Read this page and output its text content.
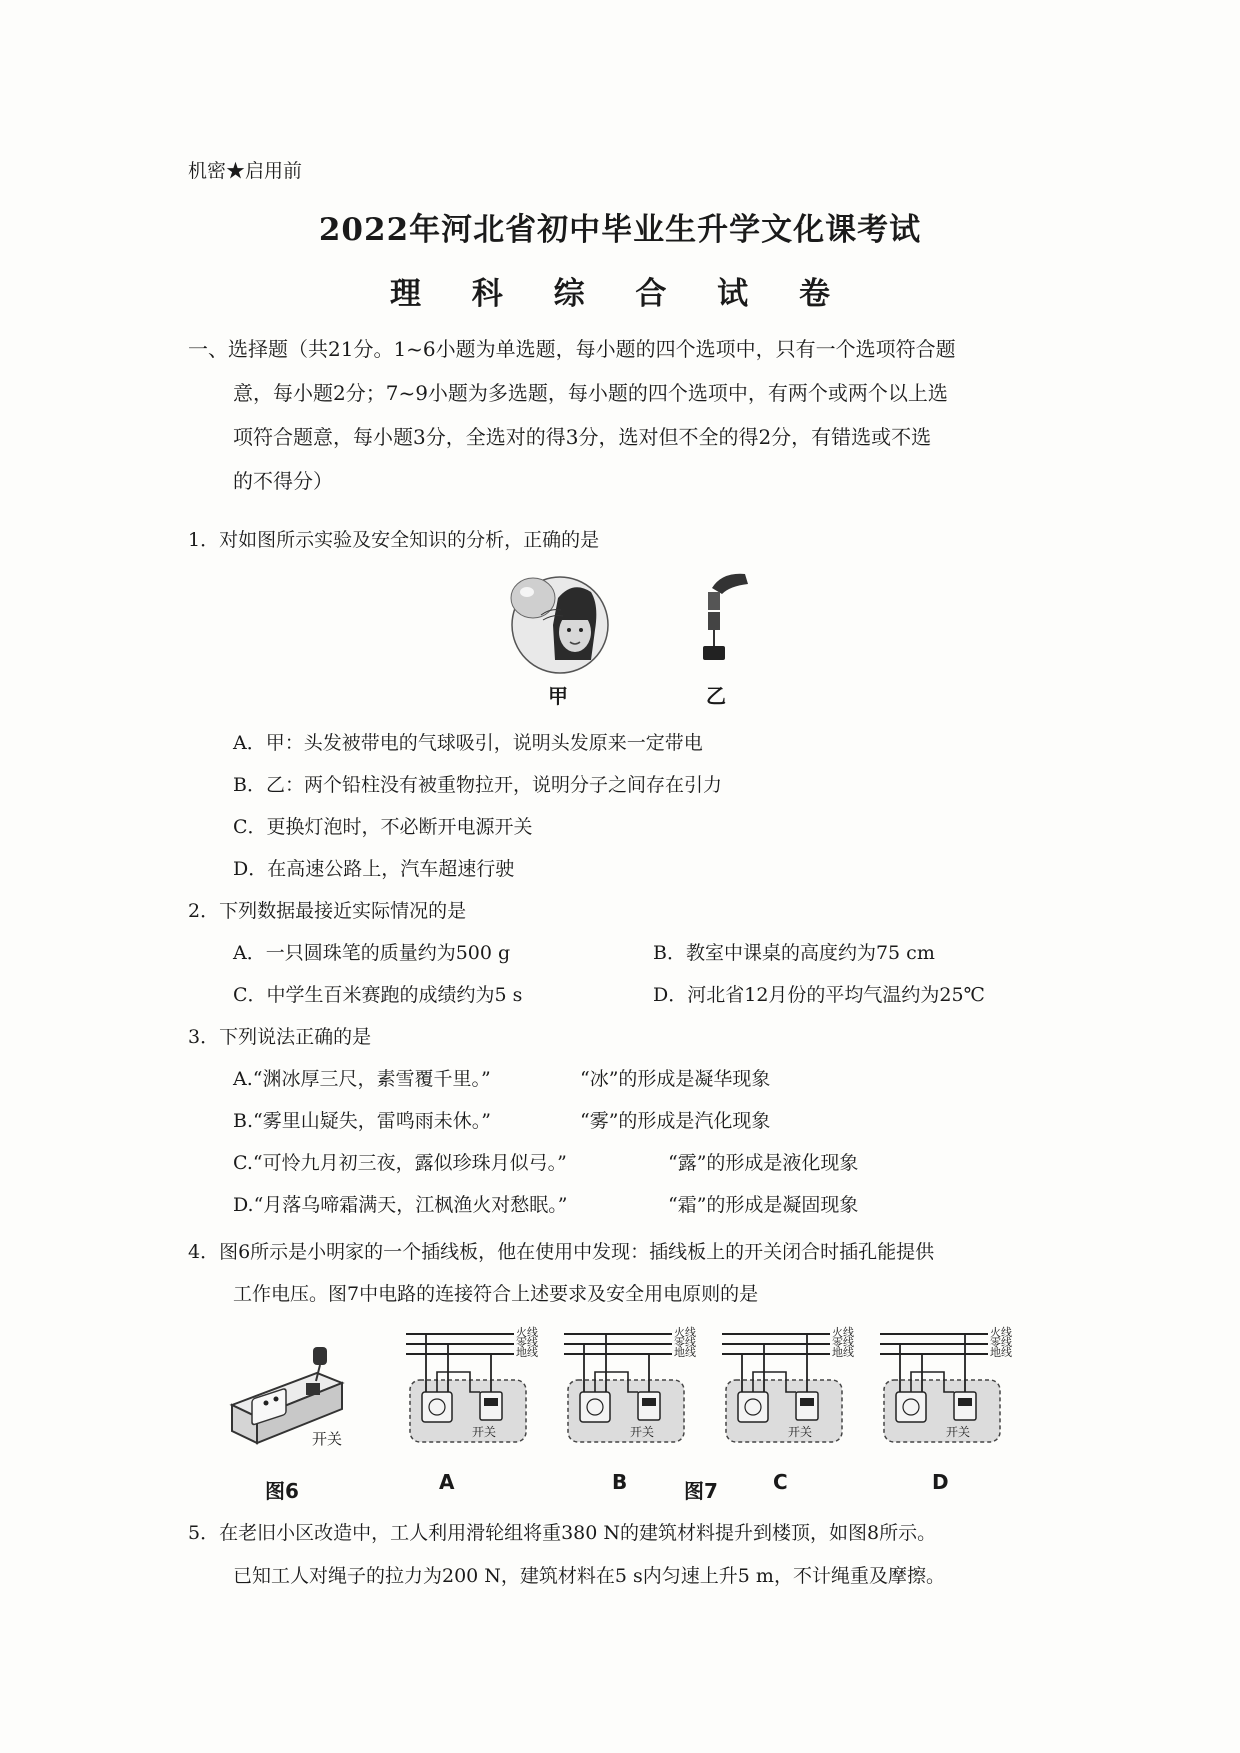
机密★启用前
2022年河北省初中毕业生升学文化课考试
理 科 综 合 试 卷
一、选择题（共21分。1~6小题为单选题，每小题的四个选项中，只有一个选项符合题
意，每小题2分；7~9小题为多选题，每小题的四个选项中，有两个或两个以上选
项符合题意，每小题3分，全选对的得3分，选对但不全的得2分，有错选或不选
的不得分）
1．对如图所示实验及安全知识的分析，正确的是
甲	乙
A．甲：头发被带电的气球吸引，说明头发原来一定带电
B．乙：两个铅柱没有被重物拉开，说明分子之间存在引力
C．更换灯泡时，不必断开电源开关
D．在高速公路上，汽车超速行驶
2．下列数据最接近实际情况的是
A．一只圆珠笔的质量约为500 g	B．教室中课桌的高度约为75 cm
C．中学生百米赛跑的成绩约为5 s	D．河北省12月份的平均气温约为25℃
3．下列说法正确的是
A.“渊冰厚三尺，素雪覆千里。”	“冰”的形成是凝华现象
B.“雾里山疑失，雷鸣雨未休。”	“雾”的形成是汽化现象
C.“可怜九月初三夜，露似珍珠月似弓。”	“露”的形成是液化现象
D.“月落乌啼霜满天，江枫渔火对愁眠。”	“霜”的形成是凝固现象
4．图6所示是小明家的一个插线板，他在使用中发现：插线板上的开关闭合时插孔能提供
工作电压。图7中电路的连接符合上述要求及安全用电原则的是
开关
图6
火线
零线
地线
开关
火线
零线
地线
开关
火线
零线
地线
开关
火线
零线
地线
开关
A	B	图7	C	D
5．在老旧小区改造中，工人利用滑轮组将重380 N的建筑材料提升到楼顶，如图8所示。
已知工人对绳子的拉力为200 N，建筑材料在5 s内匀速上升5 m，不计绳重及摩擦。
